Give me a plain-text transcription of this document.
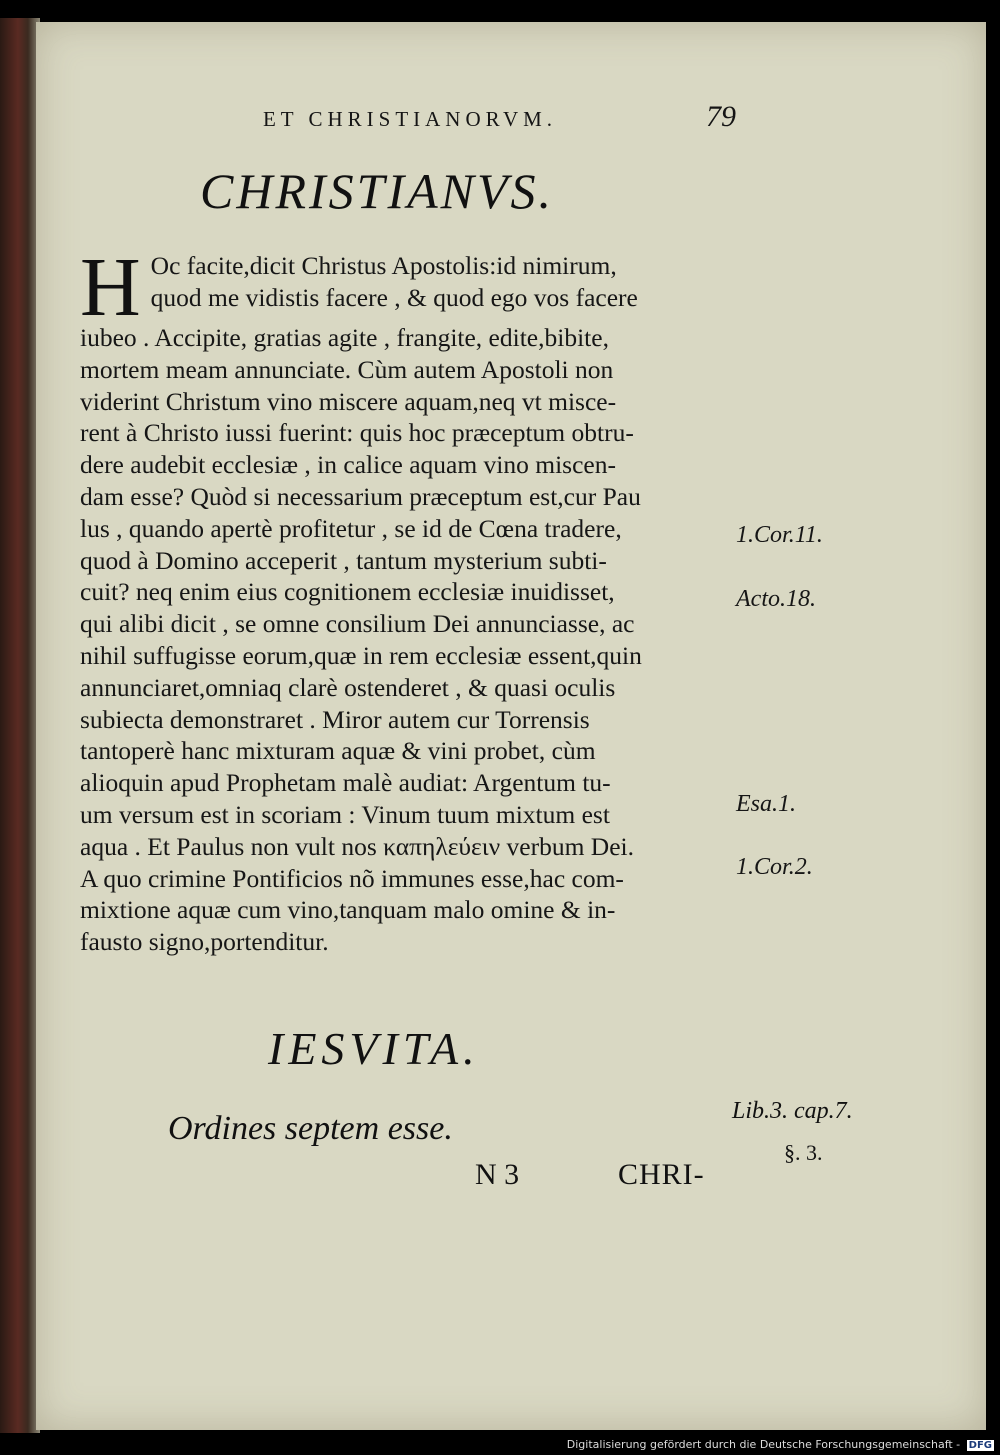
ET CHRISTIANORVM.	79
CHRISTIANVS.
H Oc facite,dicit Christus Apostolis:id nimirum,
quod me vidistis facere , & quod ego vos facere
iubeo . Accipite, gratias agite , frangite, edite,bibite,
mortem meam annunciate. Cùm autem Apostoli non
viderint Christum vino miscere aquam,neq vt misce-
rent à Christo iussi fuerint: quis hoc præceptum obtru-
dere audebit ecclesiæ , in calice aquam vino miscen-
dam esse? Quòd si necessarium præceptum est,cur Pau
lus , quando apertè profitetur , se id de Cœna tradere,
quod à Domino acceperit , tantum mysterium subti-
cuit? neq enim eius cognitionem ecclesiæ inuidisset,
qui alibi dicit , se omne consilium Dei annunciasse, ac
nihil suffugisse eorum,quæ in rem ecclesiæ essent,quin
annunciaret,omniaq clarè ostenderet , & quasi oculis
subiecta demonstraret . Miror autem cur Torrensis
tantoperè hanc mixturam aquæ & vini probet, cùm
alioquin apud Prophetam malè audiat: Argentum tu-
um versum est in scoriam : Vinum tuum mixtum est
aqua . Et Paulus non vult nos καπηλεύειν verbum Dei.
A quo crimine Pontificios nõ immunes esse,hac com-
mixtione aquæ cum vino,tanquam malo omine & in-
fausto signo,portenditur.
1.Cor.11.
Acto.18.
Esa.1.
1.Cor.2.
IESVITA.
Ordines septem esse.	Lib.3. cap.7.
§. 3.
N 3	CHRI-
Digitalisierung gefördert durch die Deutsche Forschungsgemeinschaft - DFG
